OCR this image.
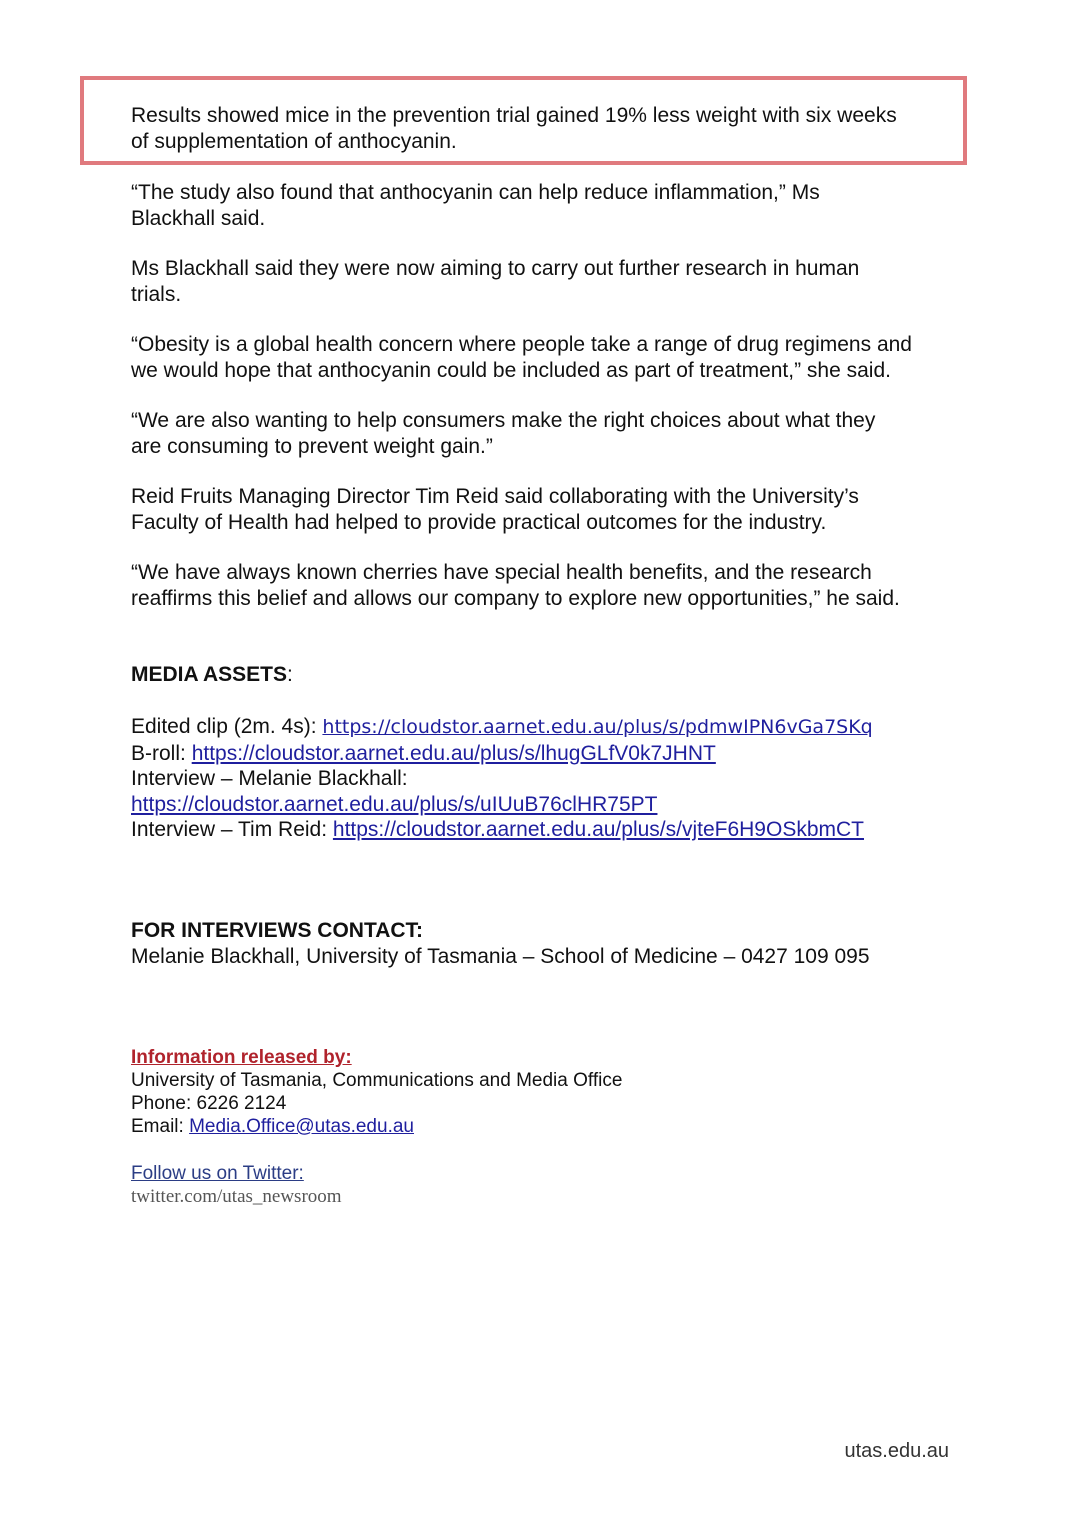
Results showed mice in the prevention trial gained 19% less weight with six weeks
of supplementation of anthocyanin.

“The study also found that anthocyanin can help reduce inflammation,” Ms
Blackhall said.

Ms Blackhall said they were now aiming to carry out further research in human
trials.

“Obesity is a global health concern where people take a range of drug regimens and
we would hope that anthocyanin could be included as part of treatment,” she said.

“We are also wanting to help consumers make the right choices about what they
are consuming to prevent weight gain.”

Reid Fruits Managing Director Tim Reid said collaborating with the University’s
Faculty of Health had helped to provide practical outcomes for the industry.

“We have always known cherries have special health benefits, and the research
reaffirms this belief and allows our company to explore new opportunities,” he said.

MEDIA ASSETS:
Edited clip (2m. 4s): https://cloudstor.aarnet.edu.au/plus/s/pdmwIPN6vGa7SKq
B-roll: https://cloudstor.aarnet.edu.au/plus/s/lhugGLfV0k7JHNT
Interview – Melanie Blackhall:
https://cloudstor.aarnet.edu.au/plus/s/uIUuB76clHR75PT
Interview – Tim Reid: https://cloudstor.aarnet.edu.au/plus/s/vjteF6H9OSkbmCT
FOR INTERVIEWS CONTACT:
Melanie Blackhall, University of Tasmania – School of Medicine – 0427 109 095
Information released by:
University of Tasmania, Communications and Media Office
Phone: 6226 2124
Email: Media.Office@utas.edu.au
Follow us on Twitter:
twitter.com/utas_newsroom
utas.edu.au
